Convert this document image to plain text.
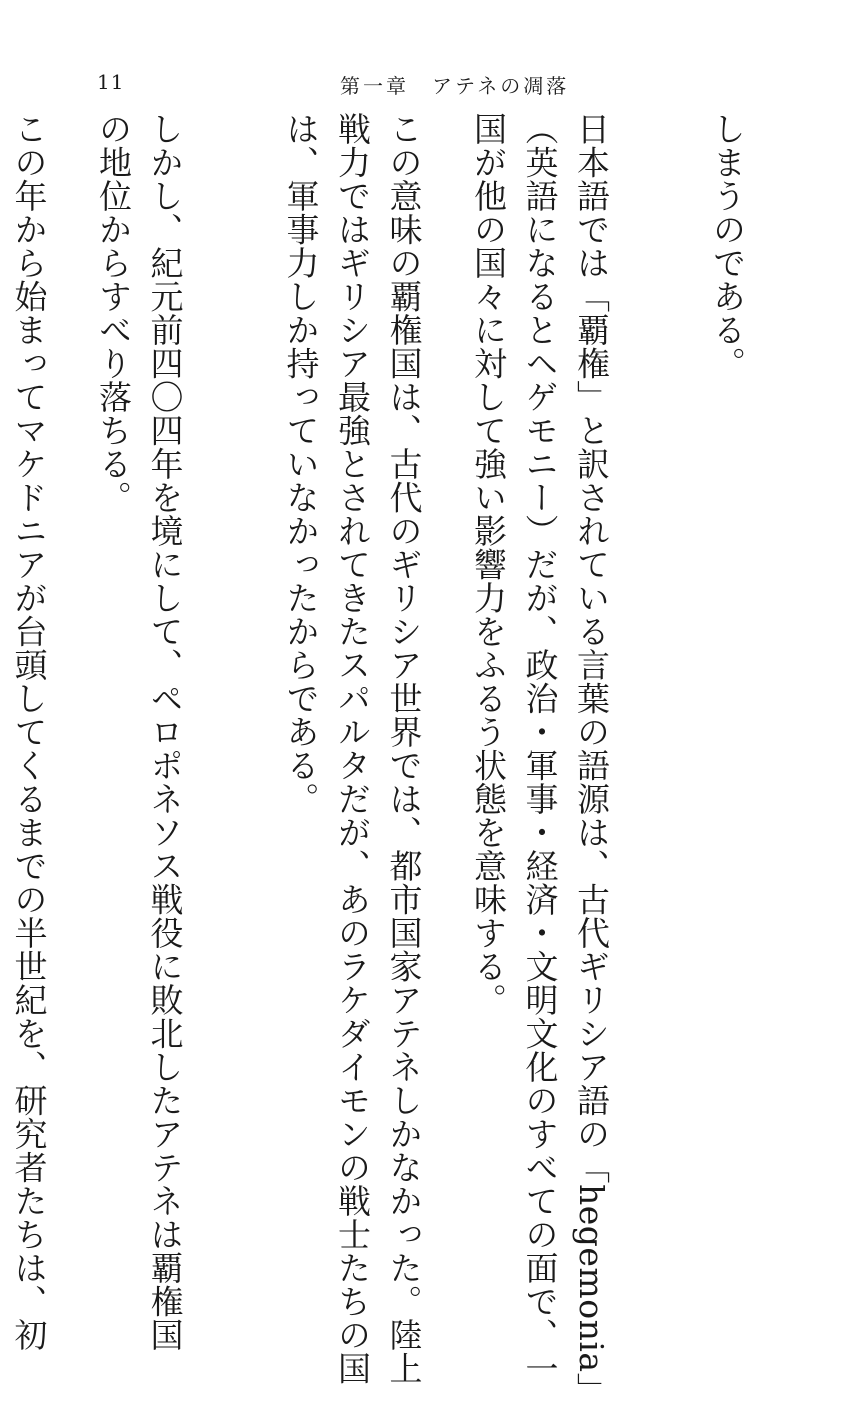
11	第一章　アテネの凋落
しまうのである。
日本語では「覇権」と訳されている言葉の語源は、古代ギリシア語の「hegemonia」
（英語になるとヘゲモニー）だが、政治・軍事・経済・文明文化のすべての面で、一
国が他の国々に対して強い影響力をふるう状態を意味する。
この意味の覇権国は、古代のギリシア世界では、都市国家アテネしかなかった。陸上
戦力ではギリシア最強とされてきたスパルタだが、あのラケダイモンの戦士たちの国
は、軍事力しか持っていなかったからである。
しかし、紀元前四〇四年を境にして、ペロポネソス戦役に敗北したアテネは覇権国
の地位からすべり落ちる。
この年から始まってマケドニアが台頭してくるまでの半世紀を、研究者たちは、初
